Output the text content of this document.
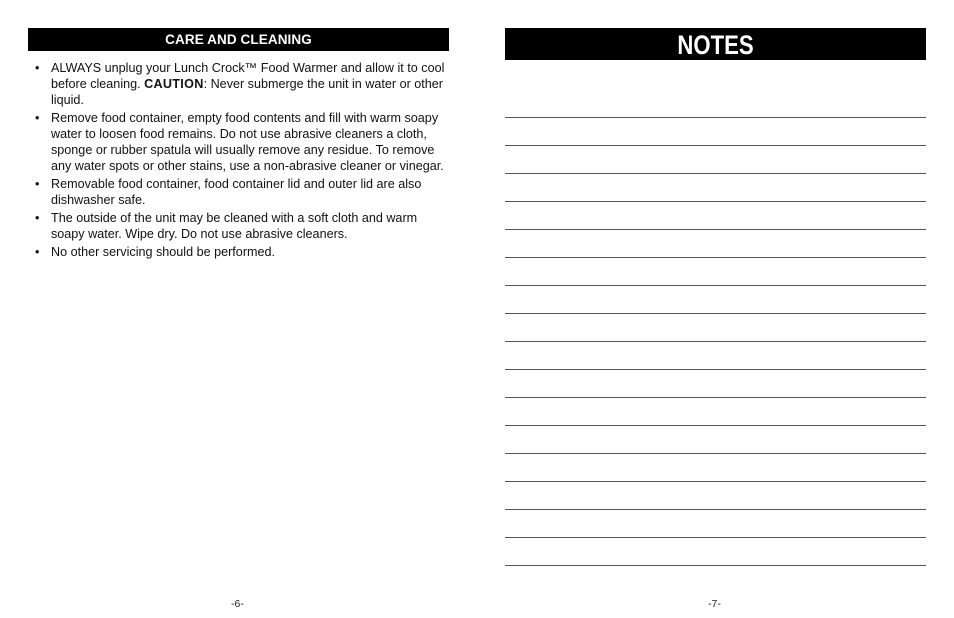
CARE AND CLEANING
• ALWAYS unplug your Lunch Crock™ Food Warmer and allow it to cool before cleaning. CAUTION: Never submerge the unit in water or other liquid.
• Remove food container, empty food contents and fill with warm soapy water to loosen food remains. Do not use abrasive cleaners a cloth, sponge or rubber spatula will usually remove any residue. To remove any water spots or other stains, use a non-abrasive cleaner or vinegar.
• Removable food container, food container lid and outer lid are also dishwasher safe.
• The outside of the unit may be cleaned with a soft cloth and warm soapy water. Wipe dry. Do not use abrasive cleaners.
• No other servicing should be performed.
NOTES
-6-	-7-
